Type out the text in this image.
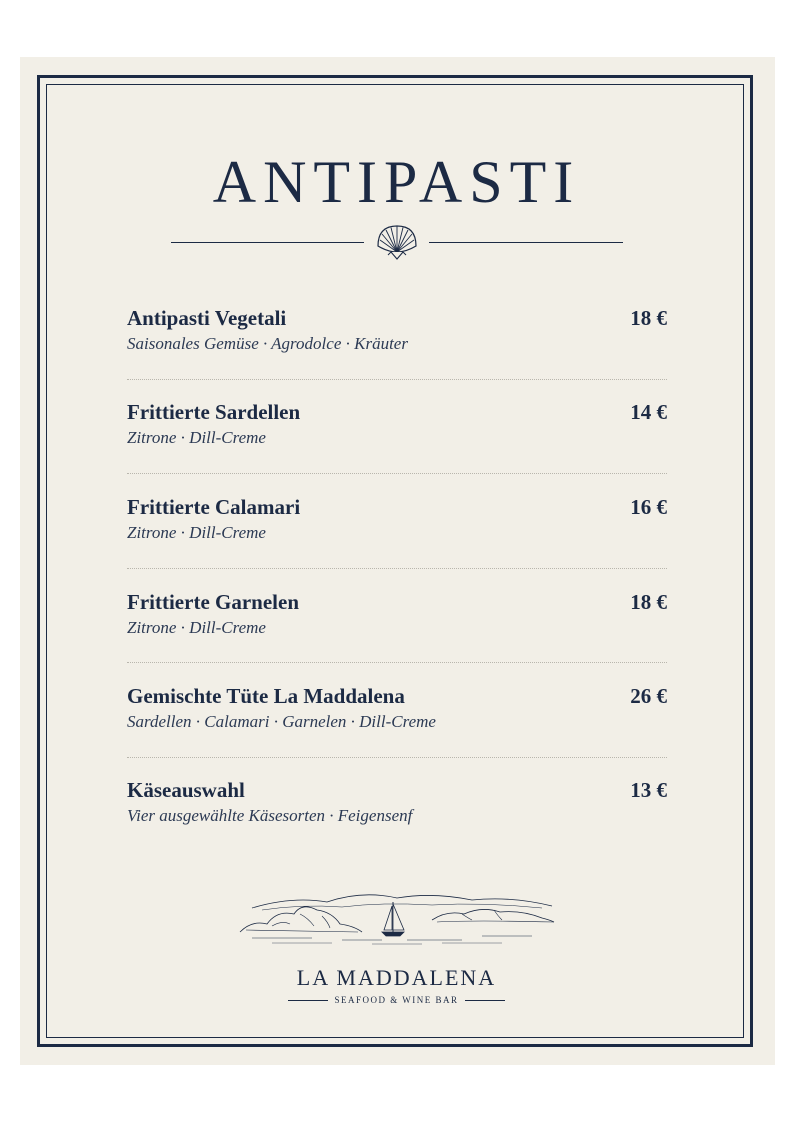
ANTIPASTI
Antipasti Vegetali	18 €
Saisonales Gemüse · Agrodolce · Kräuter
Frittierte Sardellen	14 €
Zitrone · Dill-Creme
Frittierte Calamari	16 €
Zitrone · Dill-Creme
Frittierte Garnelen	18 €
Zitrone · Dill-Creme
Gemischte Tüte La Maddalena	26 €
Sardellen · Calamari · Garnelen · Dill-Creme
Käseauswahl	13 €
Vier ausgewählte Käsesorten · Feigensenf
LA MADDALENA
SEAFOOD & WINE BAR
